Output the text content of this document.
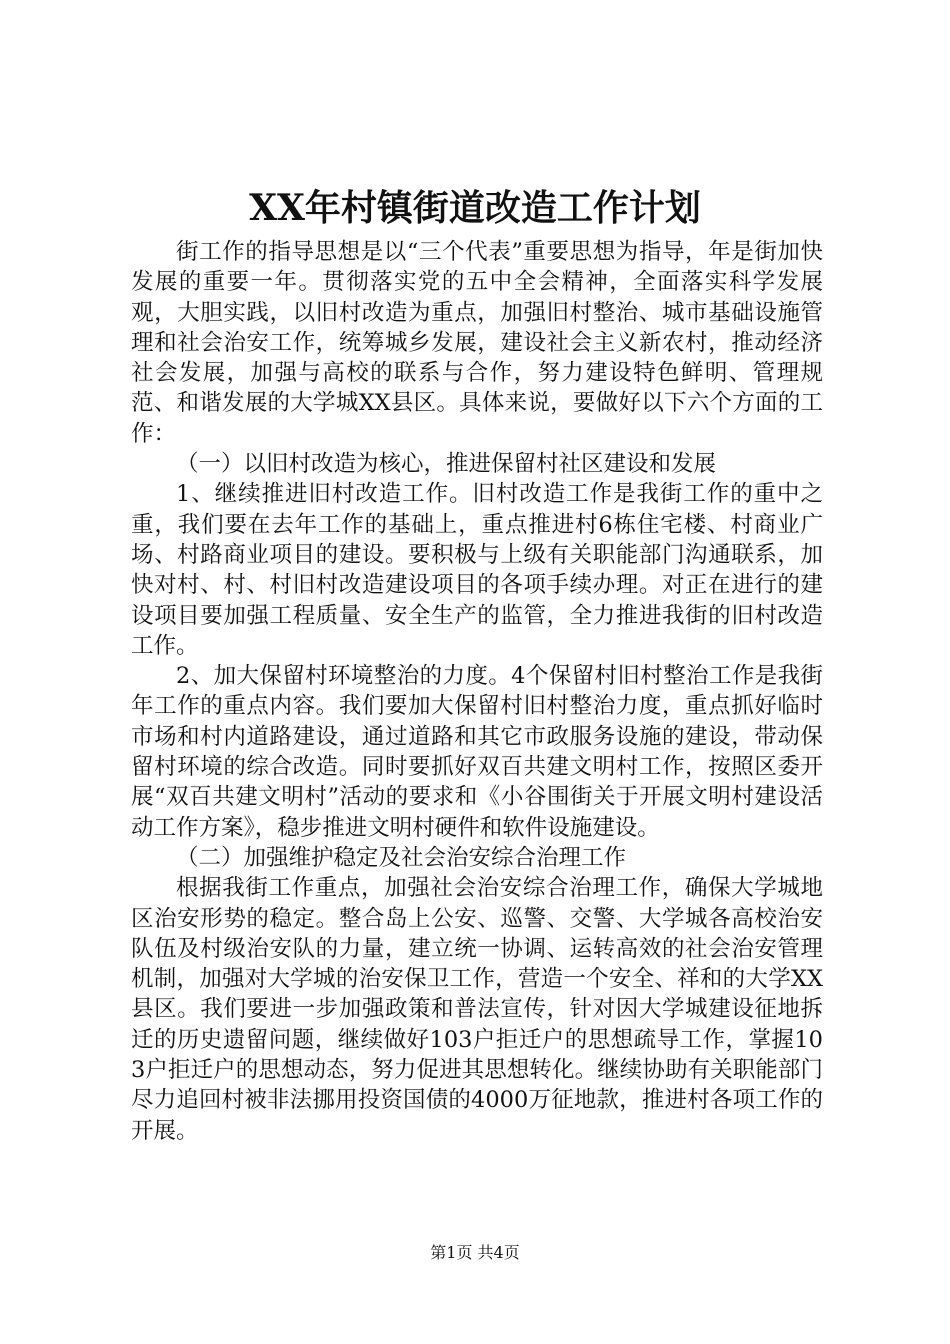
XX年村镇街道改造工作计划

街工作的指导思想是以“三个代表”重要思想为指导，年是街加快发展的重要一年。贯彻落实党的五中全会精神，全面落实科学发展观，大胆实践，以旧村改造为重点，加强旧村整治、城市基础设施管理和社会治安工作，统筹城乡发展，建设社会主义新农村，推动经济社会发展，加强与高校的联系与合作，努力建设特色鲜明、管理规范、和谐发展的大学城XX县区。具体来说，要做好以下六个方面的工作：

（一）以旧村改造为核心，推进保留村社区建设和发展

1、继续推进旧村改造工作。旧村改造工作是我街工作的重中之重，我们要在去年工作的基础上，重点推进村6栋住宅楼、村商业广场、村路商业项目的建设。要积极与上级有关职能部门沟通联系，加快对村、村、村旧村改造建设项目的各项手续办理。对正在进行的建设项目要加强工程质量、安全生产的监管，全力推进我街的旧村改造工作。

2、加大保留村环境整治的力度。4个保留村旧村整治工作是我街年工作的重点内容。我们要加大保留村旧村整治力度，重点抓好临时市场和村内道路建设，通过道路和其它市政服务设施的建设，带动保留村环境的综合改造。同时要抓好双百共建文明村工作，按照区委开展“双百共建文明村”活动的要求和《小谷围街关于开展文明村建设活动工作方案》，稳步推进文明村硬件和软件设施建设。

（二）加强维护稳定及社会治安综合治理工作

根据我街工作重点，加强社会治安综合治理工作，确保大学城地区治安形势的稳定。整合岛上公安、巡警、交警、大学城各高校治安队伍及村级治安队的力量，建立统一协调、运转高效的社会治安管理机制，加强对大学城的治安保卫工作，营造一个安全、祥和的大学XX县区。我们要进一步加强政策和普法宣传，针对因大学城建设征地拆迁的历史遗留问题，继续做好103户拒迁户的思想疏导工作，掌握103户拒迁户的思想动态，努力促进其思想转化。继续协助有关职能部门尽力追回村被非法挪用投资国债的4000万征地款，推进村各项工作的开展。

第1页 共4页
